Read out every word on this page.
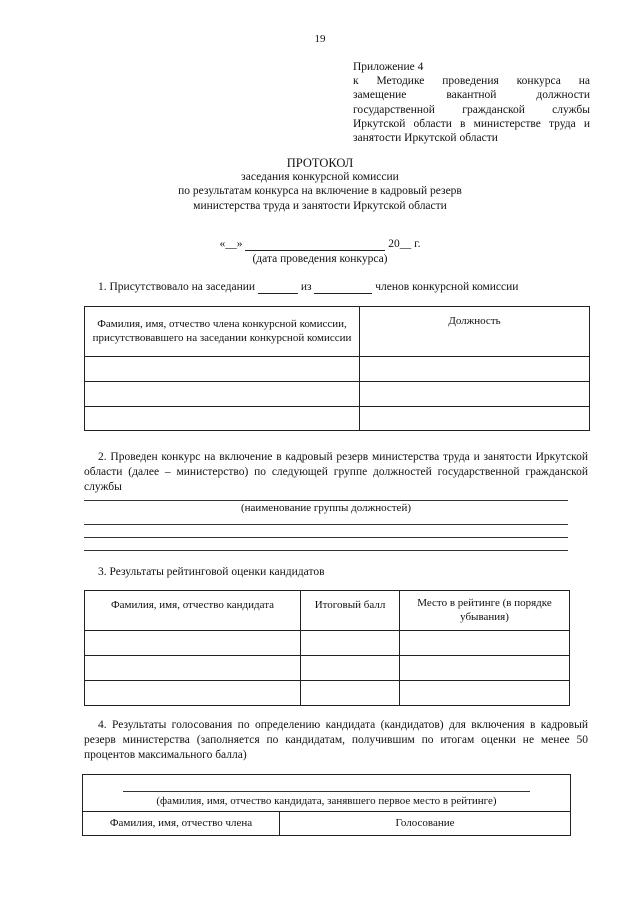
19
Приложение 4
к Методике проведения конкурса на
замещение вакантной должности
государственной гражданской службы
Иркутской области в министерстве труда и
занятости Иркутской области
ПРОТОКОЛ
заседания конкурсной комиссии
по результатам конкурса на включение в кадровый резерв
министерства труда и занятости Иркутской области
«__»	20__ г.
(дата проведения конкурса)
1. Присутствовало на заседании	из	членов конкурсной комиссии
Фамилия, имя, отчество члена конкурсной комиссии, присутствовавшего на заседании конкурсной комиссии	Должность

2. Проведен конкурс на включение в кадровый резерв министерства труда и занятости Иркутской области (далее – министерство) по следующей группе должностей государственной гражданской службы
(наименование группы должностей)
3. Результаты рейтинговой оценки кандидатов
Фамилия, имя, отчество кандидата	Итоговый балл	Место в рейтинге (в порядке убывания)

4. Результаты голосования по определению кандидата (кандидатов) для включения в кадровый резерв министерства (заполняется по кандидатам, получившим по итогам оценки не менее 50 процентов максимального балла)
(фамилия, имя, отчество кандидата, занявшего первое место в рейтинге)
Фамилия, имя, отчество члена	Голосование
